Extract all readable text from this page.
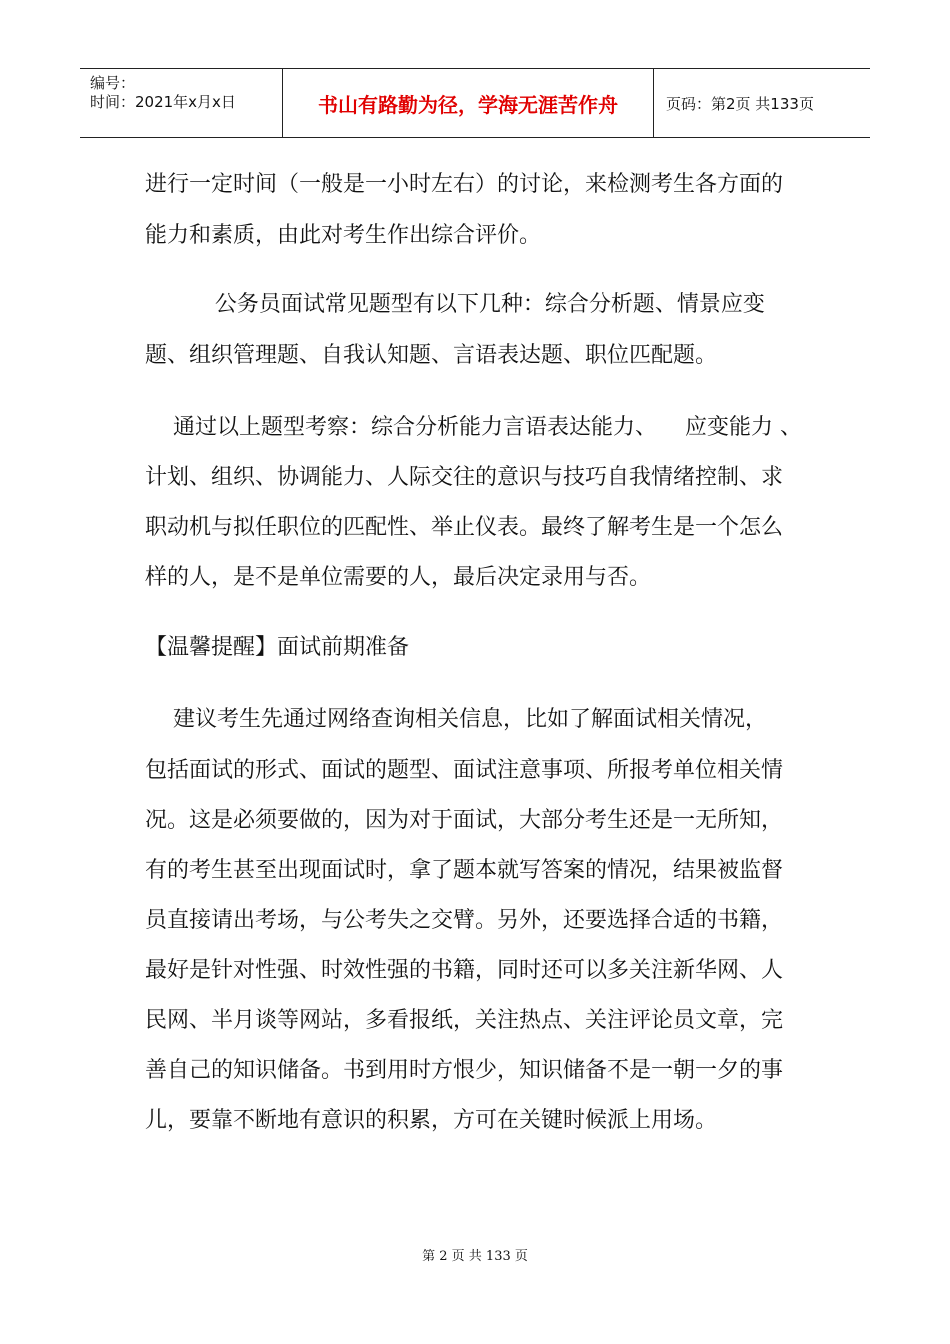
编号：
时间：2021年x月x日	书山有路勤为径，学海无涯苦作舟	页码：第2页 共133页
进行一定时间（一般是一小时左右）的讨论，来检测考生各方面的
能力和素质，由此对考生作出综合评价。
公务员面试常见题型有以下几种：综合分析题、情景应变
题、组织管理题、自我认知题、言语表达题、职位匹配题。
通过以上题型考察：综合分析能力言语表达能力、    应变能力 、
计划、组织、协调能力、人际交往的意识与技巧自我情绪控制、求
职动机与拟任职位的匹配性、举止仪表。最终了解考生是一个怎么
样的人，是不是单位需要的人，最后决定录用与否。
【温馨提醒】面试前期准备
建议考生先通过网络查询相关信息，比如了解面试相关情况，
包括面试的形式、面试的题型、面试注意事项、所报考单位相关情
况。这是必须要做的，因为对于面试，大部分考生还是一无所知，
有的考生甚至出现面试时，拿了题本就写答案的情况，结果被监督
员直接请出考场，与公考失之交臂。另外，还要选择合适的书籍，
最好是针对性强、时效性强的书籍，同时还可以多关注新华网、人
民网、半月谈等网站，多看报纸，关注热点、关注评论员文章，完
善自己的知识储备。书到用时方恨少，知识储备不是一朝一夕的事
儿，要靠不断地有意识的积累，方可在关键时候派上用场。
第 2 页 共 133 页
